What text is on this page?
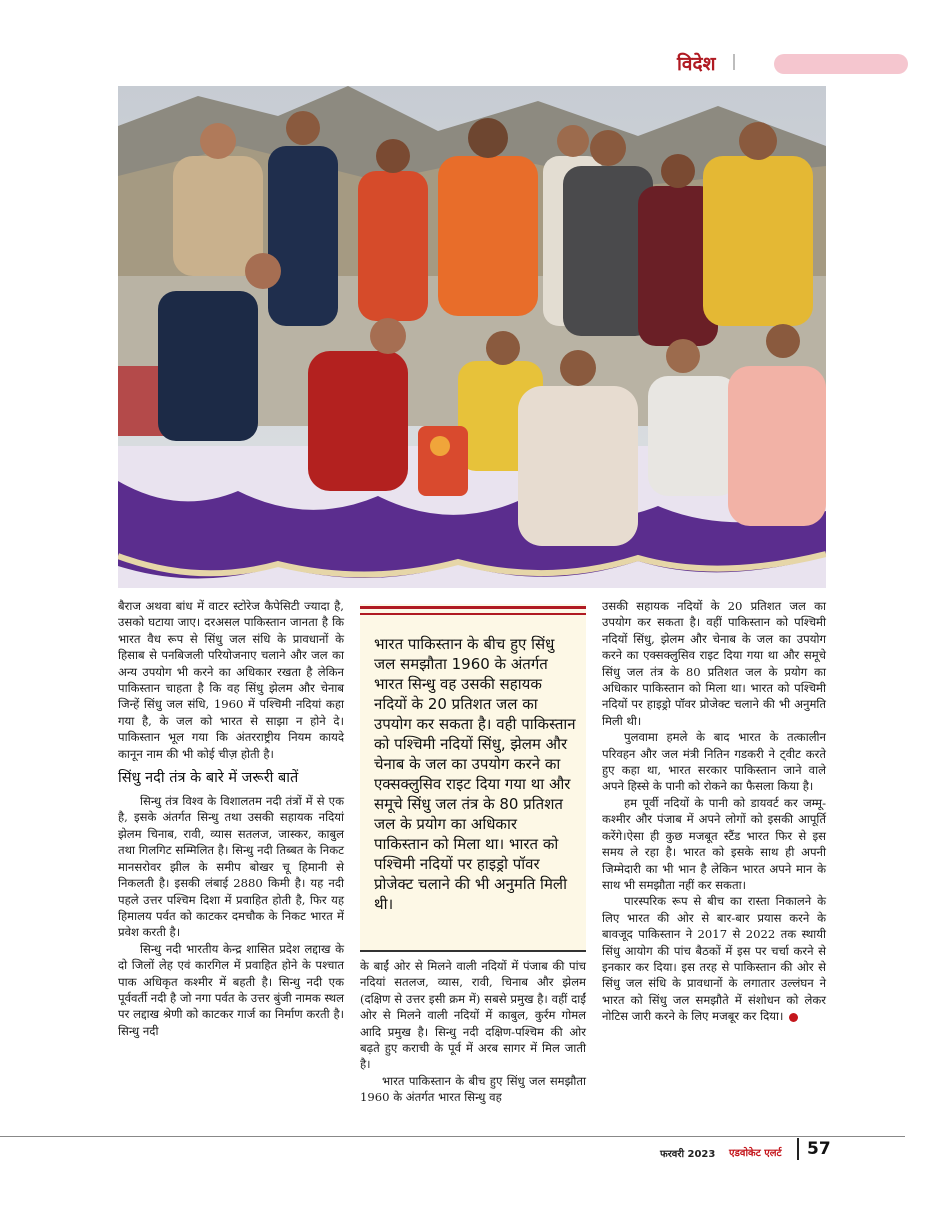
विदेश

बैराज अथवा बांध में वाटर स्टोरेज कैपेसिटी ज्यादा है, उसको घटाया जाए। दरअसल पाकिस्तान जानता है कि भारत वैध रूप से सिंधु जल संधि के प्रावधानों के हिसाब से पनबिजली परियोजनाए चलाने और जल का अन्य उपयोग भी करने का अधिकार रखता है लेकिन पाकिस्तान चाहता है कि वह सिंधु झेलम और चेनाब जिन्हें सिंधु जल संधि, 1960 में पश्चिमी नदियां कहा गया है, के जल को भारत से साझा न होने दे। पाकिस्तान भूल गया कि अंतरराष्ट्रीय नियम कायदे कानून नाम की भी कोई चीज़ होती है।

सिंधु नदी तंत्र के बारे में जरूरी बातें

सिन्धु तंत्र विश्व के विशालतम नदी तंत्रों में से एक है, इसके अंतर्गत सिन्धु तथा उसकी सहायक नदियां झेलम चिनाब, रावी, व्यास सतलज, जास्कर, काबुल तथा गिलगिट सम्मिलित है। सिन्धु नदी तिब्बत के निकट मानसरोवर झील के समीप बोखर चू हिमानी से निकलती है। इसकी लंबाई 2880 किमी है। यह नदी पहले उत्तर पश्चिम दिशा में प्रवाहित होती है, फिर यह हिमालय पर्वत को काटकर दमचौक के निकट भारत में प्रवेश करती है।

सिन्धु नदी भारतीय केन्द्र शासित प्रदेश लद्दाख के दो जिलों लेह एवं कारगिल में प्रवाहित होने के पश्चात पाक अधिकृत कश्मीर में बहती है। सिन्धु नदी एक पूर्ववर्ती नदी है जो नगा पर्वत के उत्तर बुंजी नामक स्थल पर लद्दाख श्रेणी को काटकर गार्ज का निर्माण करती है। सिन्धु नदी

भारत पाकिस्तान के बीच हुए सिंधु जल समझौता 1960 के अंतर्गत भारत सिन्धु वह उसकी सहायक नदियों के 20 प्रतिशत जल का उपयोग कर सकता है। वही पाकिस्तान को पश्चिमी नदियों सिंधु, झेलम और चेनाब के जल का उपयोग करने का एक्सक्लुसिव राइट दिया गया था और समूचे सिंधु जल तंत्र के 80 प्रतिशत जल के प्रयोग का अधिकार पाकिस्तान को मिला था। भारत को पश्चिमी नदियों पर हाइड्रो पॉवर प्रोजेक्ट चलाने की भी अनुमति मिली थी।

के बाईं ओर से मिलने वाली नदियों में पंजाब की पांच नदियां सतलज, व्यास, रावी, चिनाब और झेलम (दक्षिण से उत्तर इसी क्रम में) सबसे प्रमुख है। वहीं दाईं ओर से मिलने वाली नदियों में काबुल, कुर्रम गोमल आदि प्रमुख है। सिन्धु नदी दक्षिण-पश्चिम की ओर बढ़ते हुए कराची के पूर्व में अरब सागर में मिल जाती है।

भारत पाकिस्तान के बीच हुए सिंधु जल समझौता 1960 के अंतर्गत भारत सिन्धु वह

उसकी सहायक नदियों के 20 प्रतिशत जल का उपयोग कर सकता है। वहीं पाकिस्तान को पश्चिमी नदियों सिंधु, झेलम और चेनाब के जल का उपयोग करने का एक्सक्लुसिव राइट दिया गया था और समूचे सिंधु जल तंत्र के 80 प्रतिशत जल के प्रयोग का अधिकार पाकिस्तान को मिला था। भारत को पश्चिमी नदियों पर हाइड्रो पॉवर प्रोजेक्ट चलाने की भी अनुमति मिली थी।

पुलवामा हमले के बाद भारत के तत्कालीन परिवहन और जल मंत्री नितिन गडकरी ने ट्वीट करते हुए कहा था, भारत सरकार पाकिस्तान जाने वाले अपने हिस्से के पानी को रोकने का फैसला किया है।

हम पूर्वी नदियों के पानी को डायवर्ट कर जम्मू-कश्मीर और पंजाब में अपने लोगों को इसकी आपूर्ति करेंगे।ऐसा ही कुछ मजबूत स्टैंड भारत फिर से इस समय ले रहा है। भारत को इसके साथ ही अपनी जिम्मेदारी का भी भान है लेकिन भारत अपने मान के साथ भी समझौता नहीं कर सकता।

पारस्परिक रूप से बीच का रास्ता निकालने के लिए भारत की ओर से बार-बार प्रयास करने के बावजूद पाकिस्तान ने 2017 से 2022 तक स्थायी सिंधु आयोग की पांच बैठकों में इस पर चर्चा करने से इनकार कर दिया। इस तरह से पाकिस्तान की ओर से सिंधु जल संधि के प्रावधानों के लगातार उल्लंघन ने भारत को सिंधु जल समझौते में संशोधन को लेकर नोटिस जारी करने के लिए मजबूर कर दिया।

फरवरी 2023 एडवोकेट एलर्ट 57
